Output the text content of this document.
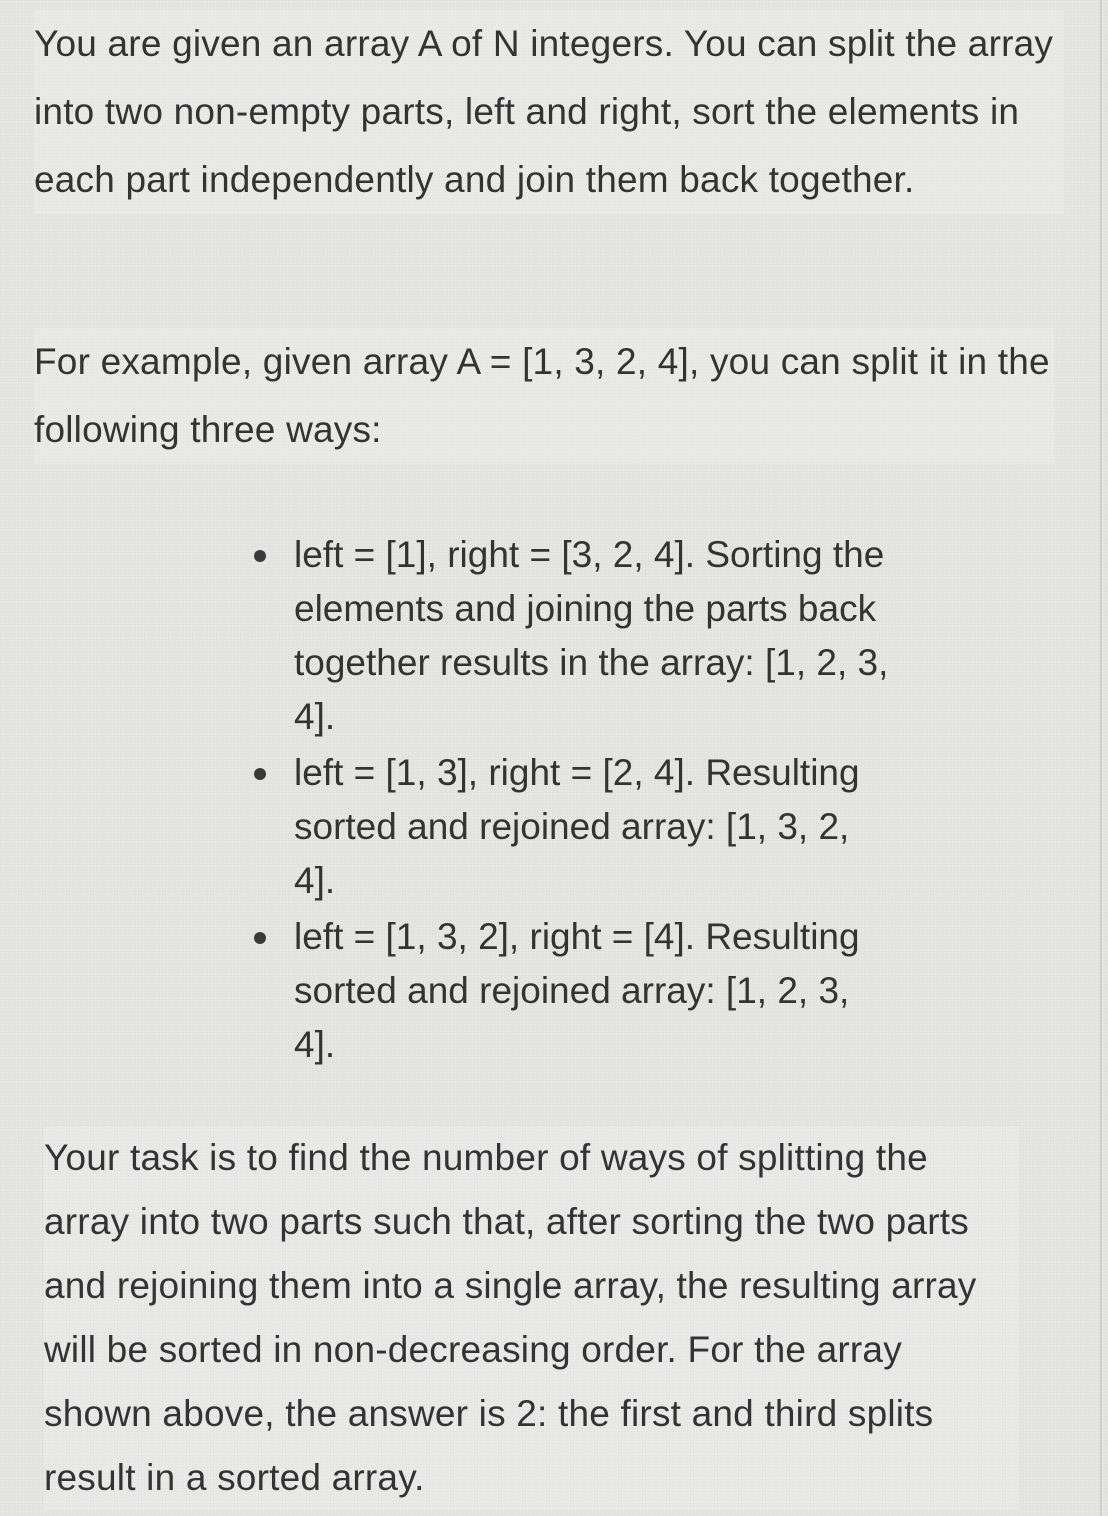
You are given an array A of N integers. You can split the array into two non-empty parts, left and right, sort the elements in each part independently and join them back together.

For example, given array A = [1, 3, 2, 4], you can split it in the following three ways:

left = [1], right = [3, 2, 4]. Sorting the elements and joining the parts back together results in the array: [1, 2, 3, 4].
left = [1, 3], right = [2, 4]. Resulting sorted and rejoined array: [1, 3, 2, 4].
left = [1, 3, 2], right = [4]. Resulting sorted and rejoined array: [1, 2, 3, 4].

Your task is to find the number of ways of splitting the array into two parts such that, after sorting the two parts and rejoining them into a single array, the resulting array will be sorted in non-decreasing order. For the array shown above, the answer is 2: the first and third splits result in a sorted array.
